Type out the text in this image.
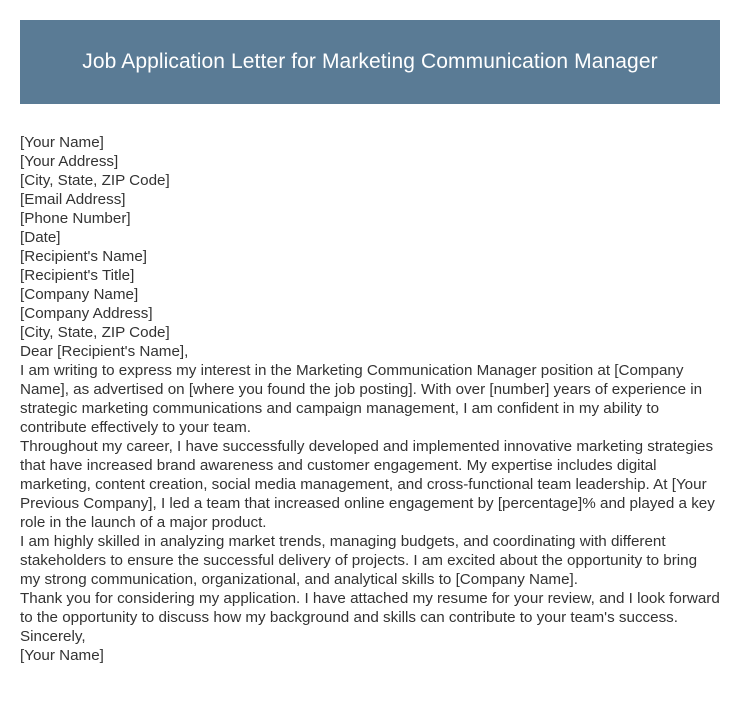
Job Application Letter for Marketing Communication Manager
[Your Name]
[Your Address]
[City, State, ZIP Code]
[Email Address]
[Phone Number]
[Date]
[Recipient's Name]
[Recipient's Title]
[Company Name]
[Company Address]
[City, State, ZIP Code]
Dear [Recipient's Name],
I am writing to express my interest in the Marketing Communication Manager position at [Company Name], as advertised on [where you found the job posting]. With over [number] years of experience in strategic marketing communications and campaign management, I am confident in my ability to contribute effectively to your team.
Throughout my career, I have successfully developed and implemented innovative marketing strategies that have increased brand awareness and customer engagement. My expertise includes digital marketing, content creation, social media management, and cross-functional team leadership. At [Your Previous Company], I led a team that increased online engagement by [percentage]% and played a key role in the launch of a major product.
I am highly skilled in analyzing market trends, managing budgets, and coordinating with different stakeholders to ensure the successful delivery of projects. I am excited about the opportunity to bring my strong communication, organizational, and analytical skills to [Company Name].
Thank you for considering my application. I have attached my resume for your review, and I look forward to the opportunity to discuss how my background and skills can contribute to your team's success.
Sincerely,
[Your Name]
